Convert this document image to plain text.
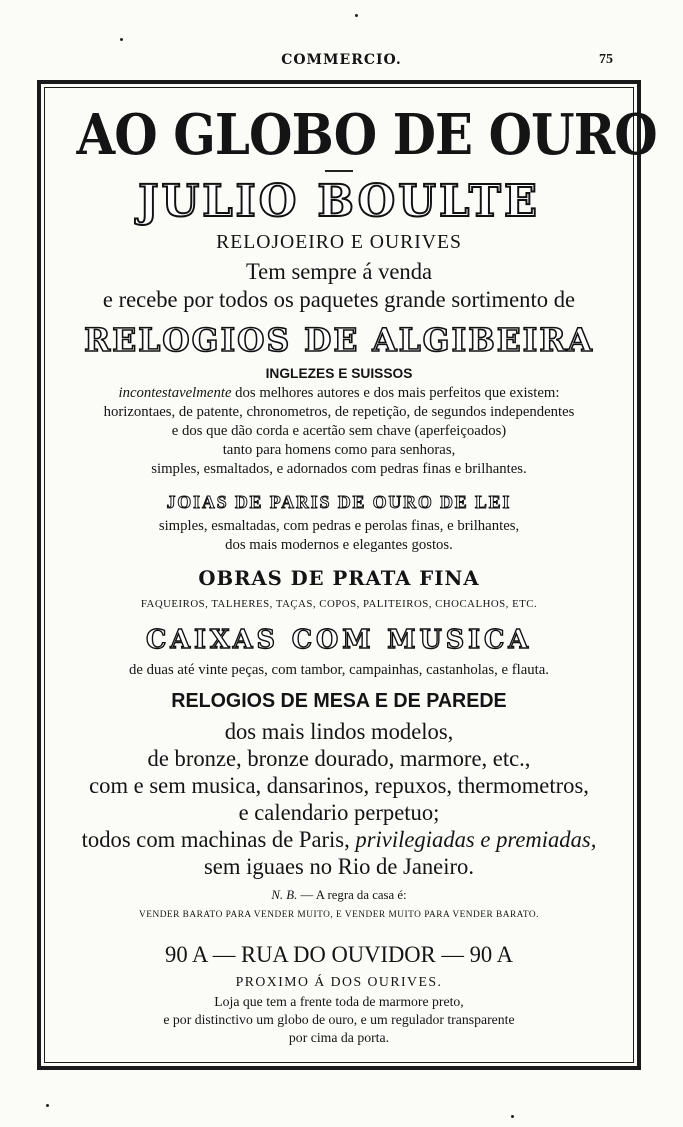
COMMERCIO.	75
AO GLOBO DE OURO
JULIO BOULTE
RELOJOEIRO E OURIVES
Tem sempre á venda
e recebe por todos os paquetes grande sortimento de
RELOGIOS DE ALGIBEIRA
INGLEZES E SUISSOS
incontestavelmente dos melhores autores e dos mais perfeitos que existem:
horizontaes, de patente, chronometros, de repetição, de segundos independentes
e dos que dão corda e acertão sem chave (aperfeiçoados)
tanto para homens como para senhoras,
simples, esmaltados, e adornados com pedras finas e brilhantes.
JOIAS DE PARIS DE OURO DE LEI
simples, esmaltadas, com pedras e perolas finas, e brilhantes,
dos mais modernos e elegantes gostos.
OBRAS DE PRATA FINA
FAQUEIROS, TALHERES, TAÇAS, COPOS, PALITEIROS, CHOCALHOS, ETC.
CAIXAS COM MUSICA
de duas até vinte peças, com tambor, campainhas, castanholas, e flauta.
RELOGIOS DE MESA E DE PAREDE
dos mais lindos modelos,
de bronze, bronze dourado, marmore, etc.,
com e sem musica, dansarinos, repuxos, thermometros,
e calendario perpetuo;
todos com machinas de Paris, privilegiadas e premiadas,
sem iguaes no Rio de Janeiro.
N. B. — A regra da casa é:
VENDER BARATO PARA VENDER MUITO, E VENDER MUITO PARA VENDER BARATO.
90 A — RUA DO OUVIDOR — 90 A
PROXIMO Á DOS OURIVES.
Loja que tem a frente toda de marmore preto,
e por distinctivo um globo de ouro, e um regulador transparente
por cima da porta.
